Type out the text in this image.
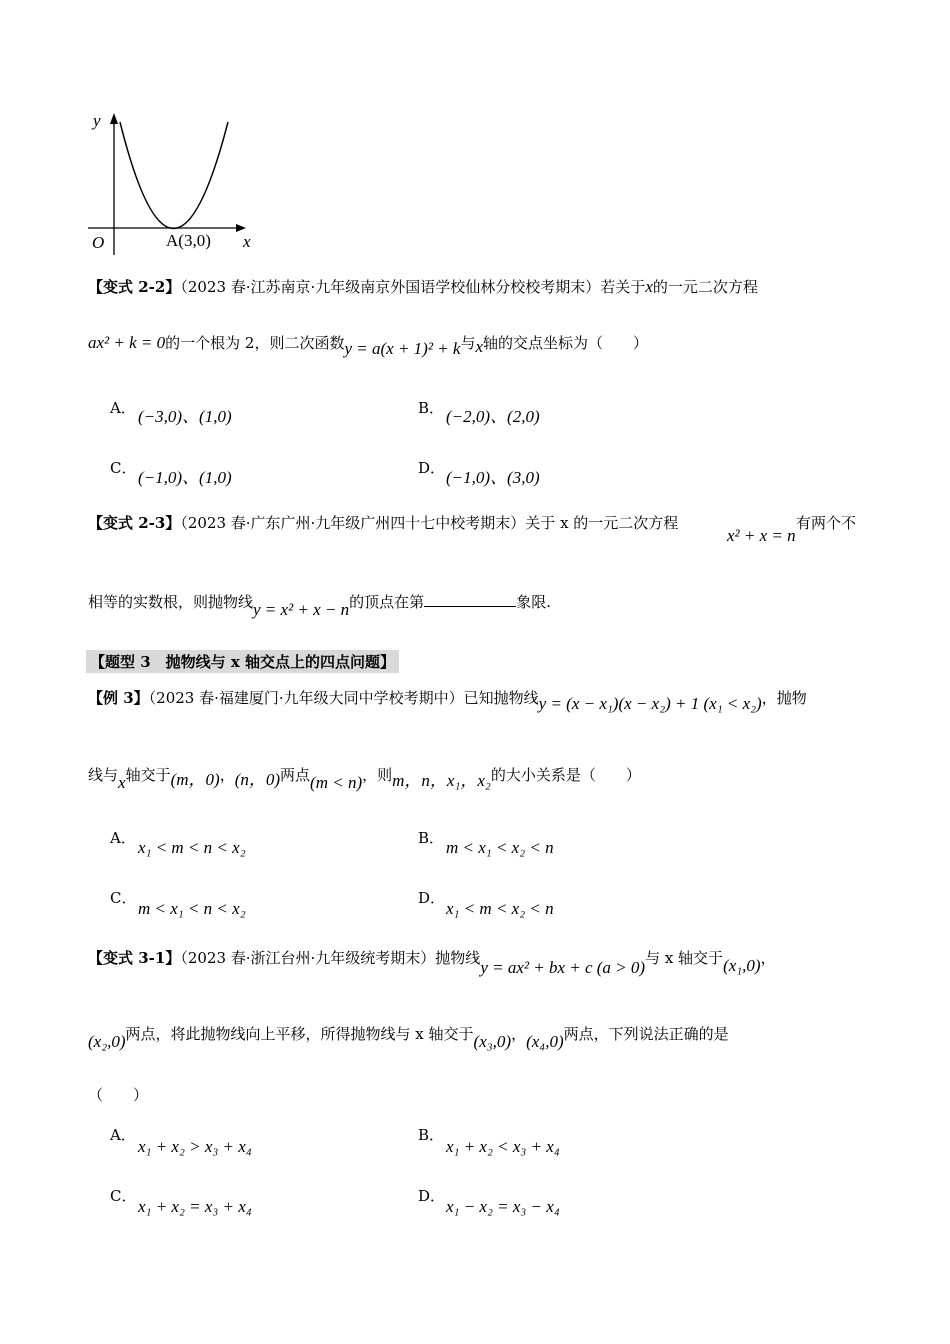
y
O	A(3,0) x
【变式 2-2】（2023 春·江苏南京·九年级南京外国语学校仙林分校校考期末）若关于x的一元二次方程
ax² + k = 0的一个根为 2，则二次函数y = a(x + 1)² + k与x轴的交点坐标为（　　）
A． (−3,0)、(1,0)	B． (−2,0)、(2,0)
C． (−1,0)、(1,0)	D． (−1,0)、(3,0)
【变式 2-3】（2023 春·广东广州·九年级广州四十七中校考期末）关于 x 的一元二次方程
x² + x = n
有两个不
相等的实数根，则抛物线y = x² + x − n的顶点在第	象限.
【题型 3　抛物线与 x 轴交点上的四点问题】
【例 3】（2023 春·福建厦门·九年级大同中学校考期中）已知抛物线y = (x − x₁)(x − x₂) + 1 (x₁ < x₂)，抛物
线与x轴交于(m，0)，(n，0)两点(m < n)，则m，n，x₁，x₂的大小关系是（　　）
A． x₁ < m < n < x₂	B． m < x₁ < x₂ < n
C．
m < x₁ < n < x₂
D．
x₁ < m < x₂ < n
【变式 3-1】（2023 春·浙江台州·九年级统考期末）抛物线y = ax² + bx + c (a > 0)与 x 轴交于(x₁,0)，
(x₂,0)两点，将此抛物线向上平移，所得抛物线与 x 轴交于(x₃,0)，(x₄,0)两点，下列说法正确的是
（　　）
A．
x₁ + x₂ > x₃ + x₄
B．
x₁ + x₂ < x₃ + x₄
C．
x₁ + x₂ = x₃ + x₄
D．
x₁ − x₂ = x₃ − x₄
